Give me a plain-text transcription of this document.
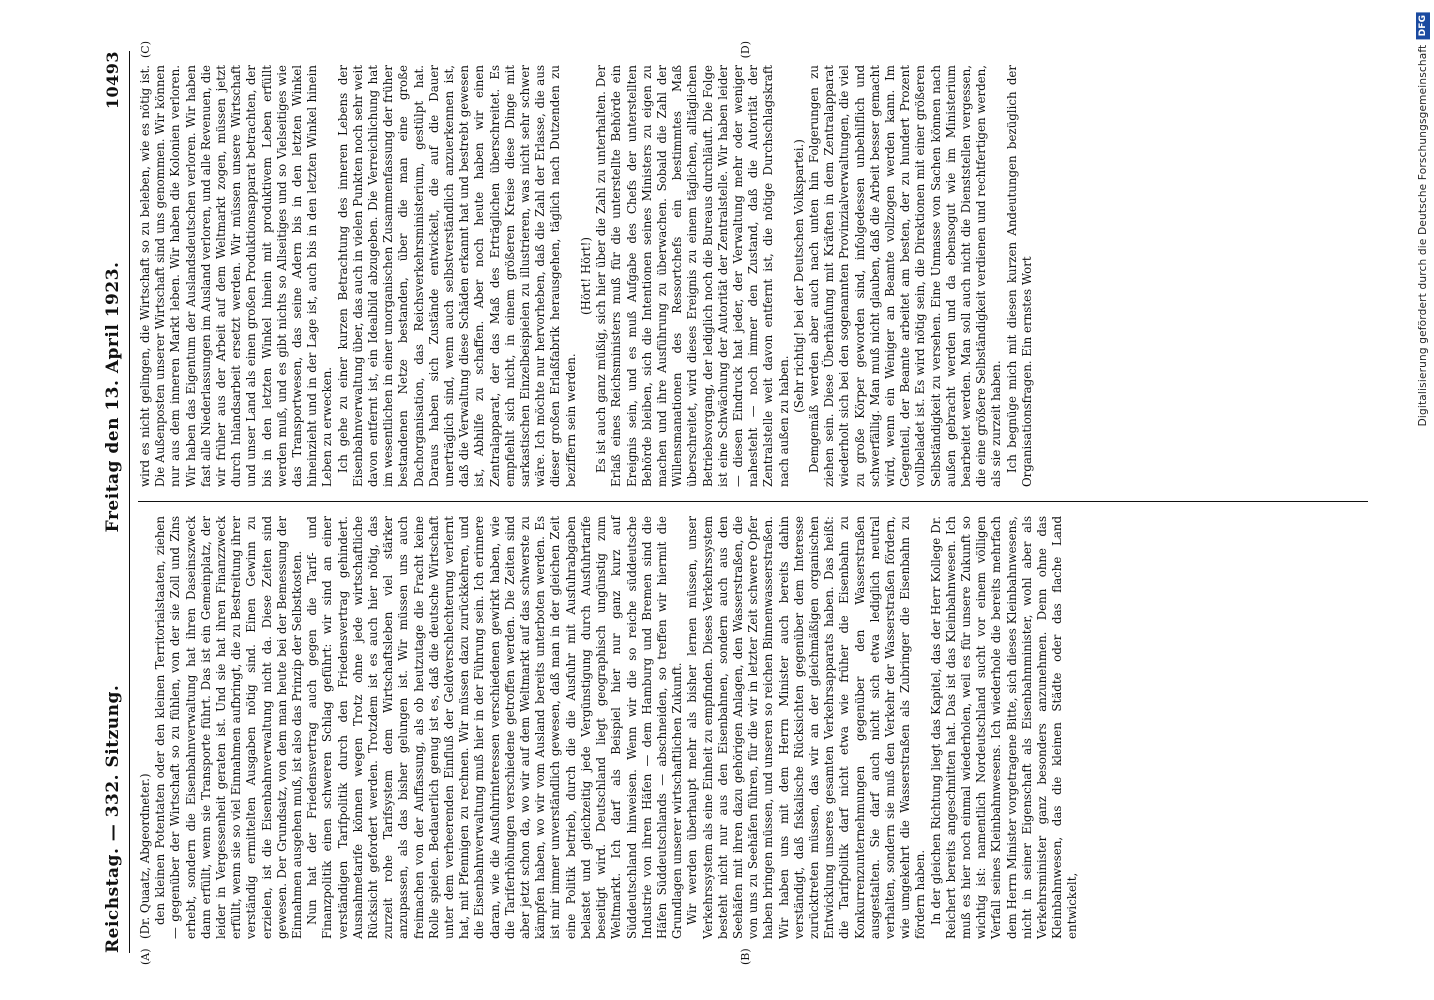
Reichstag. — 332. Sitzung.
Freitag den 13. April 1923.
10493
(A)	(B)

(Dr. Quaatz, Abgeordneter.) den kleinen Potentaten oder den kleinen Territorialstaaten, ziehen — gegenüber der Wirtschaft so zu fühlen, von der sie Zoll und Zins erhebt, sondern die Eisenbahnverwaltung hat ihren Daseinszweck dann erfüllt, wenn sie Transporte führt. Das ist ein Gemeinplatz, der leider in Vergessenheit geraten ist. Und sie hat ihren Finanzzweck erfüllt, wenn sie so viel Einnahmen aufbringt, die zu Bestreitung ihrer verständig ermittelten Ausgaben nötig sind. Einen Gewinn zu erzielen, ist die Eisenbahnverwaltung nicht da. Diese Zeiten sind gewesen. Der Grundsatz, von dem man heute bei der Bemessung der Einnahmen ausgehen muß, ist also das Prinzip der Selbstkosten. Nun hat der Friedensvertrag auch gegen die Tarif- und Finanzpolitik einen schweren Schlag geführt: wir sind an einer verständigen Tarifpolitik durch den Friedensvertrag gehindert. Ausnahmetarife können wegen Trotz ohne jede wirtschaftliche Rücksicht gefordert werden. Trotzdem ist es auch hier nötig, das zurzeit rohe Tarifsystem dem Wirtschaftsleben viel stärker anzupassen, als das bisher gelungen ist. Wir müssen uns auch freimachen von der Auffassung, als ob heutzutage die Fracht keine Rolle spielen. Bedauerlich genug ist es, daß die deutsche Wirtschaft unter dem verheerenden Einfluß der Geldverschlechterung verlernt hat, mit Pfennigen zu rechnen. Wir müssen dazu zurückkehren, und die Eisenbahnverwaltung muß hier in der Führung sein. Ich erinnere daran, wie die Ausfuhrinteressen verschiedenen gewirkt haben, wie die Tariferhöhungen verschiedene getroffen werden. Die Zeiten sind aber jetzt schon da, wo wir auf dem Weltmarkt auf das schwerste zu kämpfen haben, wo wir vom Ausland bereits unterboten werden. Es ist mir immer unverständlich gewesen, daß man in der gleichen Zeit eine Politik betrieb, durch die die Ausfuhr mit Ausfuhrabgaben belastet und gleichzeitig jede Vergünstigung durch Ausfuhrtarife beseitigt wird. Deutschland liegt geographisch ungünstig zum Weltmarkt. Ich darf als Beispiel hier nur ganz kurz auf Süddeutschland hinweisen. Wenn wir die so reiche süddeutsche Industrie von ihren Häfen — dem Hamburg und Bremen sind die Häfen Süddeutschlands — abschneiden, so treffen wir hiermit die Grundlagen unserer wirtschaftlichen Zukunft. Wir werden überhaupt mehr als bisher lernen müssen, unser Verkehrssystem als eine Einheit zu empfinden. Dieses Verkehrssystem besteht nicht nur aus den Eisenbahnen, sondern auch aus den Seehäfen mit ihren dazu gehörigen Anlagen, den Wasserstraßen, die von uns zu Seehäfen führen, für die wir in letzter Zeit schwere Opfer haben bringen müssen, und unseren so reichen Binnenwasserstraßen. Wir haben uns mit dem Herrn Minister auch bereits dahin verständigt, daß fiskalische Rücksichten gegenüber dem Interesse zurücktreten müssen, das wir an der gleichmäßigen organischen Entwicklung unseres gesamten Verkehrsapparats haben. Das heißt: die Tarifpolitik darf nicht etwa wie früher die Eisenbahn zu Konkurrenzunternehmungen gegenüber den Wasserstraßen ausgestalten. Sie darf auch nicht sich etwa lediglich neutral verhalten, sondern sie muß den Verkehr der Wasserstraßen fördern, wie umgekehrt die Wasserstraßen als Zubringer die Eisenbahn zu fördern haben. In der gleichen Richtung liegt das Kapitel, das der Herr Kollege Dr. Reichert bereits angeschnitten hat. Das ist das Kleinbahnwesen. Ich muß es hier noch einmal wiederholen, weil es für unsere Zukunft so wichtig ist: namentlich Nordeutschland sucht vor einem völligen Verfall seines Kleinbahnwesens. Ich wiederhole die bereits mehrfach dem Herrn Minister vorgetragene Bitte, sich dieses Kleinbahnwesens, nicht in seiner Eigenschaft als Eisenbahnminister, wohl aber als Verkehrsminister ganz besonders anzunehmen. Denn ohne das Kleinbahnwesen, das die kleinen Städte oder das flache Land entwickelt,

(C)	(D)

wird es nicht gelingen, die Wirtschaft so zu beleben, wie es nötig ist. Die Außenposten unserer Wirtschaft sind uns genommen. Wir können nur aus dem inneren Markt leben. Wir haben die Kolonien verloren. Wir haben das Eigentum der Auslandsdeutschen verloren. Wir haben fast alle Niederlassungen im Ausland verloren, und alle Revenuen, die wir früher aus der Arbeit auf dem Weltmarkt zogen, müssen jetzt durch Inlandsarbeit ersetzt werden. Wir müssen unsere Wirtschaft und unser Land als einen großen Produktionsapparat betrachten, der bis in den letzten Winkel hinein mit produktivem Leben erfüllt werden muß, und es gibt nichts so Allseitiges und so Vielseitiges wie das Transportwesen, das seine Adern bis in den letzten Winkel hineinzieht und in der Lage ist, auch bis in den letzten Winkel hinein Leben zu erwecken. Ich gehe zu einer kurzen Betrachtung des inneren Lebens der Eisenbahnverwaltung über, das auch in vielen Punkten noch sehr weit davon entfernt ist, ein Idealbild abzugeben. Die Verreichlichung hat im wesentlichen in einer unorganischen Zusammenfassung der früher bestandenen Netze bestanden, über die man eine große Dachorganisation, das Reichsverkehrsministerium, gestülpt hat. Daraus haben sich Zustände entwickelt, die auf die Dauer unerträglich sind, wenn auch selbstverständlich anzuerkennen ist, daß die Verwaltung diese Schäden erkannt hat und bestrebt gewesen ist, Abhilfe zu schaffen. Aber noch heute haben wir einen Zentralapparat, der das Maß des Erträglichen überschreitet. Es empfiehlt sich nicht, in einem größeren Kreise diese Dinge mit sarkastischen Einzelbeispielen zu illustrieren, was nicht sehr schwer wäre. Ich möchte nur hervorheben, daß die Zahl der Erlasse, die aus dieser großen Erlaßfabrik herausgehen, täglich nach Dutzenden zu beziffern sein werden.

(Hört! Hört!) Es ist auch ganz müßig, sich hier über die Zahl zu unterhalten. Der Erlaß eines Reichsministers muß für die unterstellte Behörde ein Ereignis sein, und es muß Aufgabe des Chefs der unterstellten Behörde bleiben, sich die Intentionen seines Ministers zu eigen zu machen und ihre Ausführung zu überwachen. Sobald die Zahl der Willensmanationen des Ressortchefs ein bestimmtes Maß überschreitet, wird dieses Ereignis zu einem täglichen, alltäglichen Betriebsvorgang, der lediglich noch die Bureaus durchläuft. Die Folge ist eine Schwächung der Autorität der Zentralstelle. Wir haben leider — diesen Eindruck hat jeder, der Verwaltung mehr oder weniger nahesteht — noch immer den Zustand, daß die Autorität der Zentralstelle weit davon entfernt ist, die nötige Durchschlagskraft nach außen zu haben.

(Sehr richtig! bei der Deutschen Volkspartei.) Demgemäß werden aber auch nach unten hin Folgerungen zu ziehen sein. Diese Überhäufung mit Kräften in dem Zentralapparat wiederholt sich bei den sogenannten Provinzialverwaltungen, die viel zu große Körper geworden sind, infolgedessen unbehilflich und schwerfällig. Man muß nicht glauben, daß die Arbeit besser gemacht wird, wenn ein Weniger an Beamte vollzogen werden kann. Im Gegenteil, der Beamte arbeitet am besten, der zu hundert Prozent vollbeladet ist. Es wird nötig sein, die Direktionen mit einer größeren Selbständigkeit zu versehen. Eine Unmasse von Sachen können nach außen gebracht werden und da ebensogut wie im Ministerium bearbeitet werden. Man soll auch nicht die Dienststellen vergessen, die eine größere Selbständigkeit verdienen und rechtfertigen werden, als sie zurzeit haben. Ich begnüge mich mit diesen kurzen Andeutungen bezüglich der Organisationsfragen. Ein ernstes Wort	Digitalisierung gefördert durch die Deutsche Forschungsgemeinschaft
DFG
